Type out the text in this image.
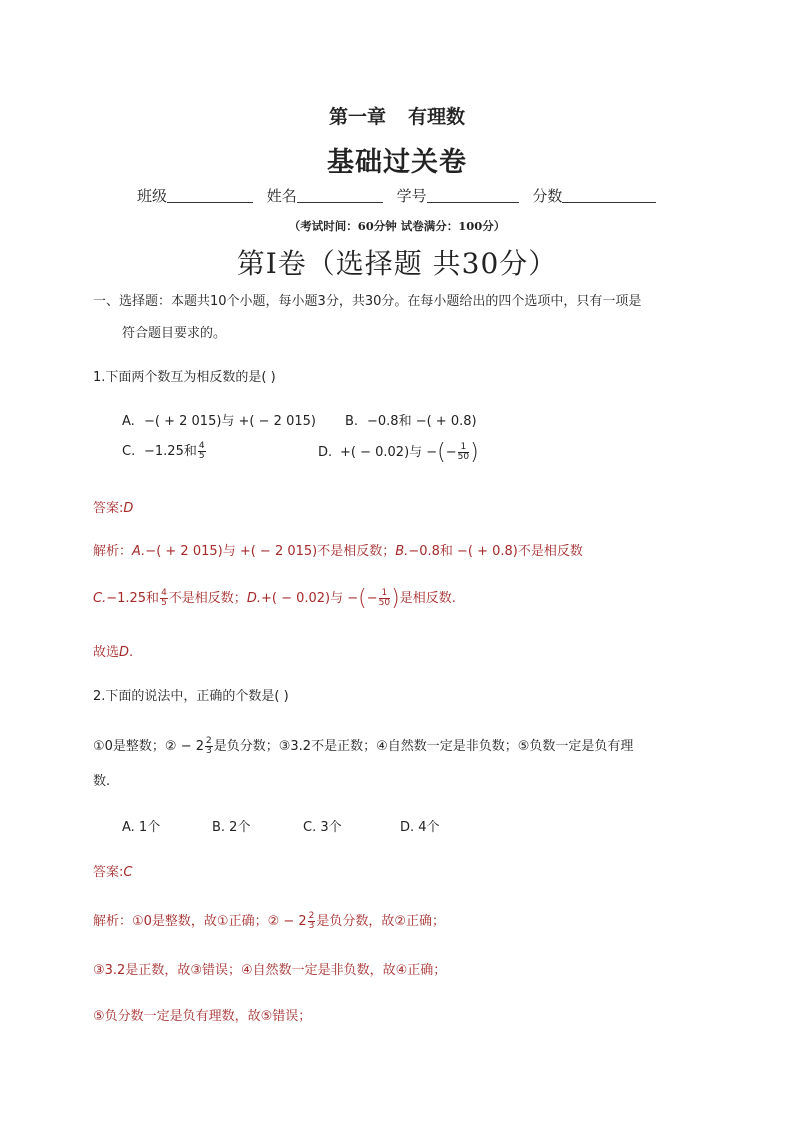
第一章 有理数
基础过关卷
班级	姓名	学号	分数
（考试时间：60分钟 试卷满分：100分）
第Ⅰ卷（选择题 共30分）
一、选择题：本题共10个小题，每小题3分，共30分。在每小题给出的四个选项中，只有一项是
符合题目要求的。
1.下面两个数互为相反数的是( )
A. −( + 2 015)与 +( − 2 015) B. −0.8和 −( + 0.8)
C. −1.25和 $\frac{4}{5}$	D. +( − 0.02)与 −(− $\frac{1}{50}$ )
答案:D
解析：A.−( + 2 015)与 +( − 2 015)不是相反数；B.−0.8和 −( + 0.8)不是相反数
C.−1.25和 $\frac{4}{5}$ 不是相反数；D.+( − 0.02)与 −(− $\frac{1}{50}$ )是相反数.
故选D.
2.下面的说法中，正确的个数是( )
①0是整数；② − $2 \frac{2}{3}$ 是负分数；③3.2不是正数；④自然数一定是非负数；⑤负数一定是负有理
数.
A. 1个	B. 2个	C. 3个	D. 4个
答案:C
解析：①0是整数，故①正确；② − $2 \frac{2}{3}$ 是负分数，故②正确；
③3.2是正数，故③错误；④自然数一定是非负数，故④正确；
⑤负分数一定是负有理数，故⑤错误；
